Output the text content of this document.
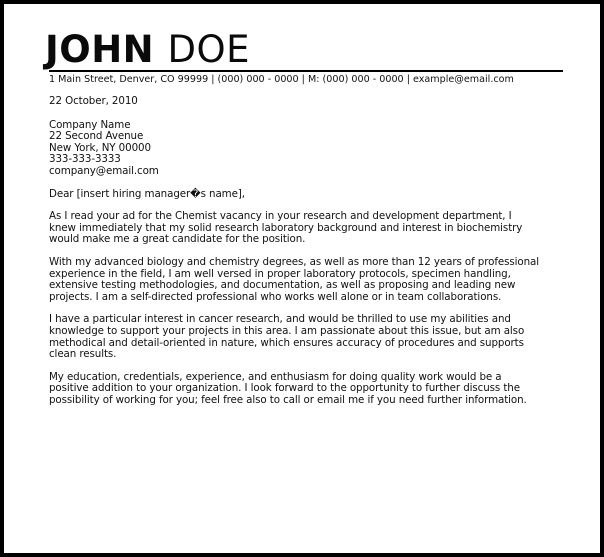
JOHN DOE
1 Main Street, Denver, CO 99999 | (000) 000 - 0000 | M: (000) 000 - 0000 | example@email.com
22 October, 2010
Company Name
22 Second Avenue
New York, NY 00000
333-333-3333
company@email.com
Dear [insert hiring manager�s name],
As I read your ad for the Chemist vacancy in your research and development department, I
knew immediately that my solid research laboratory background and interest in biochemistry
would make me a great candidate for the position.
With my advanced biology and chemistry degrees, as well as more than 12 years of professional
experience in the field, I am well versed in proper laboratory protocols, specimen handling,
extensive testing methodologies, and documentation, as well as proposing and leading new
projects. I am a self-directed professional who works well alone or in team collaborations.
I have a particular interest in cancer research, and would be thrilled to use my abilities and
knowledge to support your projects in this area. I am passionate about this issue, but am also
methodical and detail-oriented in nature, which ensures accuracy of procedures and supports
clean results.
My education, credentials, experience, and enthusiasm for doing quality work would be a
positive addition to your organization. I look forward to the opportunity to further discuss the
possibility of working for you; feel free also to call or email me if you need further information.
